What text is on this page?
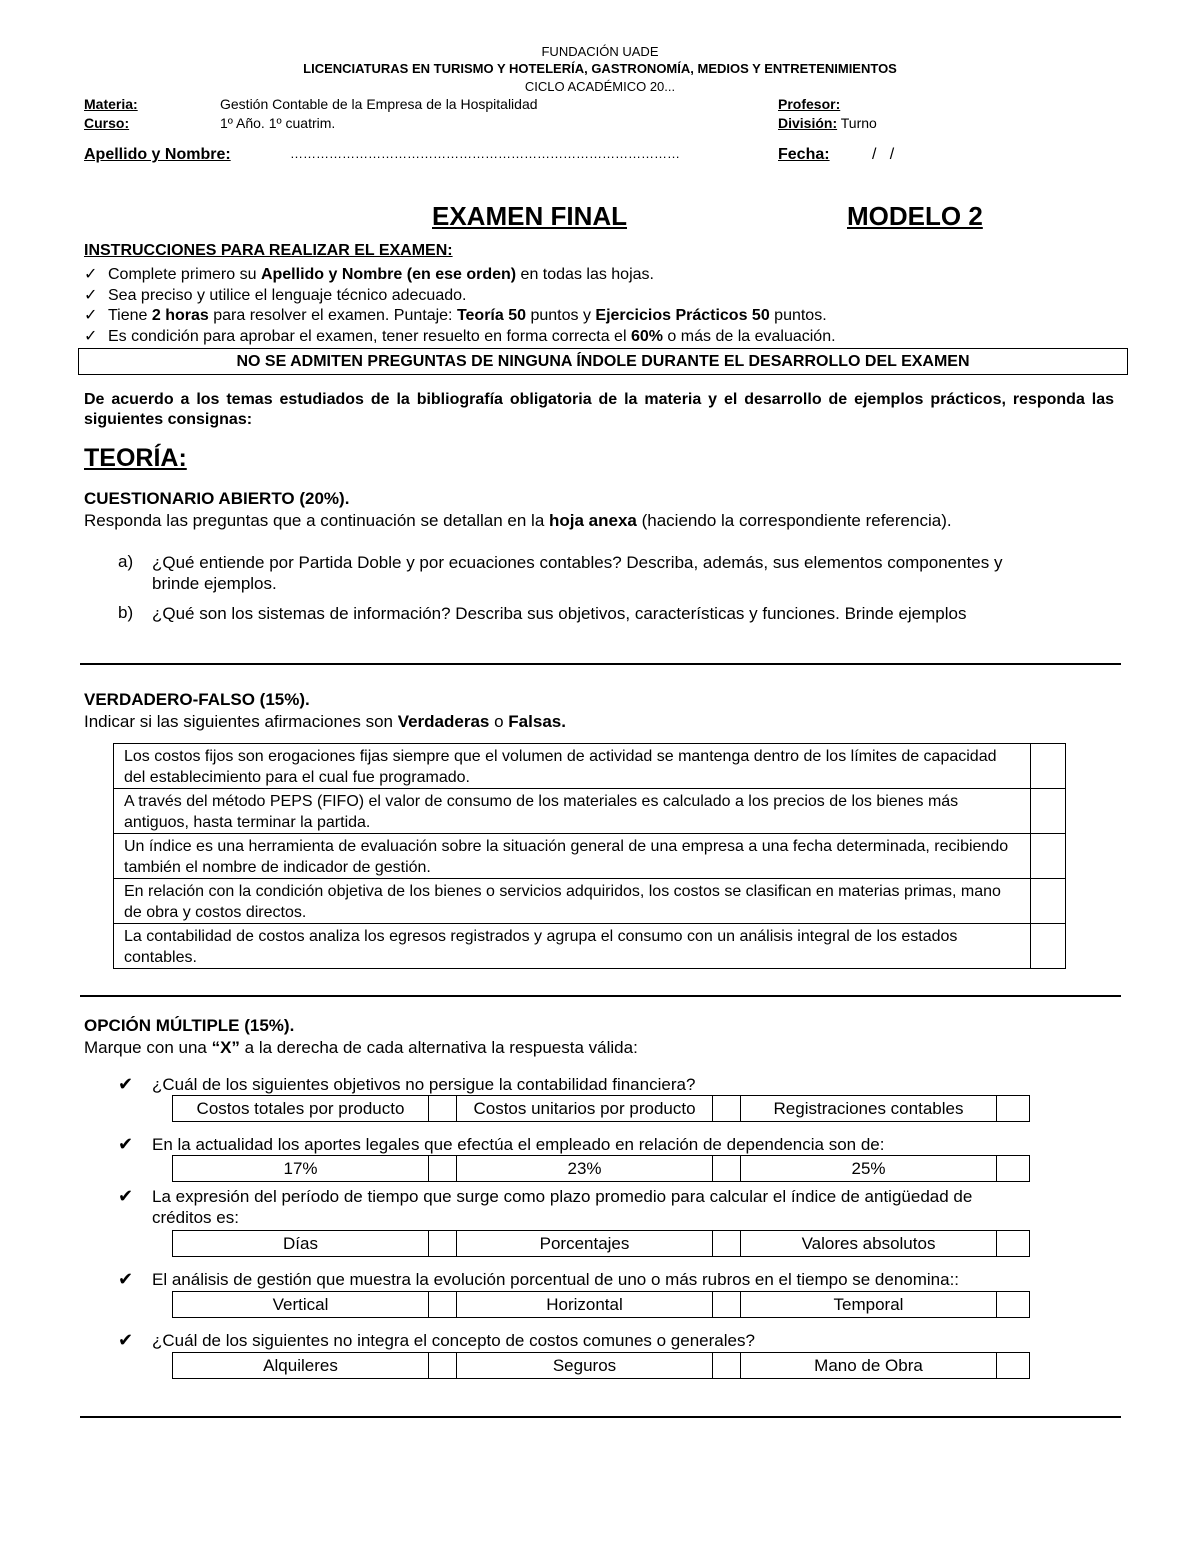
FUNDACIÓN UADE
LICENCIATURAS EN TURISMO Y HOTELERÍA, GASTRONOMÍA, MEDIOS Y ENTRETENIMIENTOS
CICLO ACADÉMICO 20...
Materia:	Gestión Contable de la Empresa de la Hospitalidad	Profesor:
Curso:	1º Año. 1º cuatrim.	División: Turno
Apellido y Nombre:	………………………………………………………………………………	Fecha:	/   /
EXAMEN FINAL	MODELO 2
INSTRUCCIONES PARA REALIZAR EL EXAMEN:
✓ Complete primero su Apellido y Nombre (en ese orden) en todas las hojas.
✓ Sea preciso y utilice el lenguaje técnico adecuado.
✓ Tiene 2 horas para resolver el examen. Puntaje: Teoría 50 puntos y Ejercicios Prácticos 50 puntos.
✓ Es condición para aprobar el examen, tener resuelto en forma correcta el 60% o más de la evaluación.
NO SE ADMITEN PREGUNTAS DE NINGUNA ÍNDOLE DURANTE EL DESARROLLO DEL EXAMEN
De acuerdo a los temas estudiados de la bibliografía obligatoria de la materia y el desarrollo de ejemplos prácticos, responda las siguientes consignas:
TEORÍA:
CUESTIONARIO ABIERTO (20%).
Responda las preguntas que a continuación se detallan en la hoja anexa (haciendo la correspondiente referencia).
a) ¿Qué entiende por Partida Doble y por ecuaciones contables? Describa, además, sus elementos componentes y brinde ejemplos.
b) ¿Qué son los sistemas de información? Describa sus objetivos, características y funciones. Brinde ejemplos
VERDADERO-FALSO (15%).
Indicar si las siguientes afirmaciones son Verdaderas o Falsas.
Los costos fijos son erogaciones fijas siempre que el volumen de actividad se mantenga dentro de los límites de capacidad del establecimiento para el cual fue programado.	
A través del método PEPS (FIFO) el valor de consumo de los materiales es calculado a los precios de los bienes más antiguos, hasta terminar la partida.	
Un índice es una herramienta de evaluación sobre la situación general de una empresa a una fecha determinada, recibiendo también el nombre de indicador de gestión.	
En relación con la condición objetiva de los bienes o servicios adquiridos, los costos se clasifican en materias primas, mano de obra y costos directos.	
La contabilidad de costos analiza los egresos registrados y agrupa el consumo con un análisis integral de los estados contables.	
OPCIÓN MÚLTIPLE (15%).
Marque con una “X” a la derecha de cada alternativa la respuesta válida:
✔ ¿Cuál de los siguientes objetivos no persigue la contabilidad financiera?
Costos totales por producto	Costos unitarios por producto	Registraciones contables
✔ En la actualidad los aportes legales que efectúa el empleado en relación de dependencia son de:
17%	23%	25%
✔ La expresión del período de tiempo que surge como plazo promedio para calcular el índice de antigüedad de
créditos es:
Días	Porcentajes	Valores absolutos
✔ El análisis de gestión que muestra la evolución porcentual de uno o más rubros en el tiempo se denomina::
Vertical	Horizontal	Temporal
✔ ¿Cuál de los siguientes no integra el concepto de costos comunes o generales?
Alquileres	Seguros	Mano de Obra
